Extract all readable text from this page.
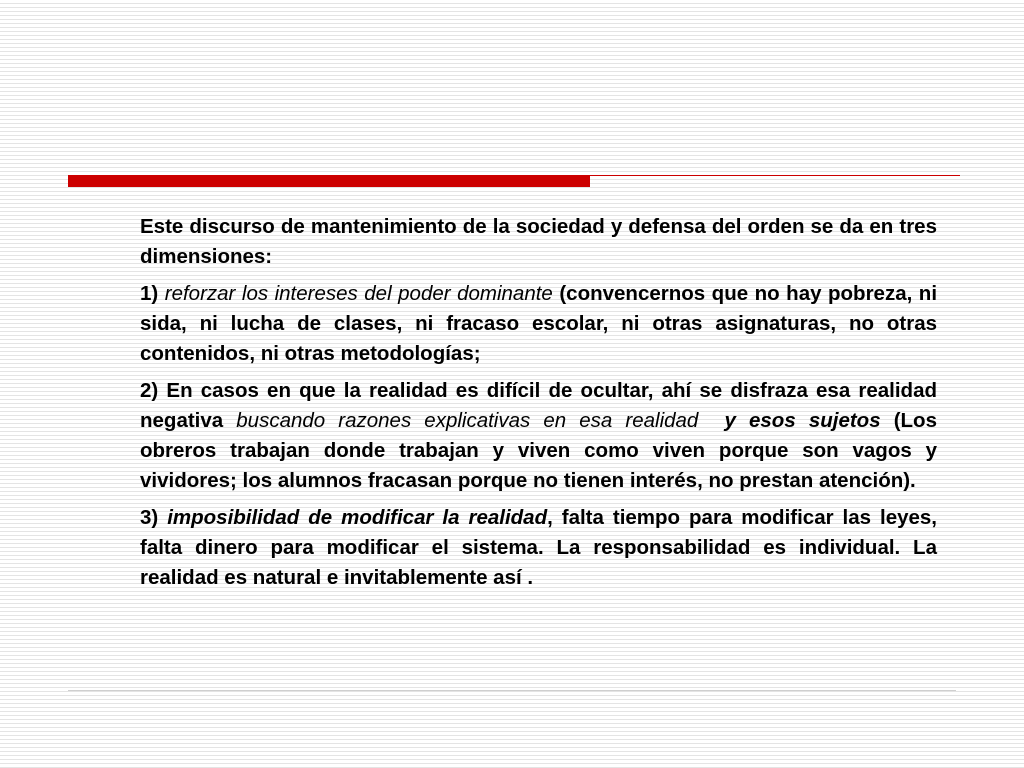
Este discurso de mantenimiento de la sociedad y defensa del orden se da en tres dimensiones:

1) reforzar los intereses del poder dominante (convencernos que no hay pobreza, ni sida, ni lucha de clases, ni fracaso escolar, ni otras asignaturas, no otras contenidos, ni otras metodologías;

2) En casos en que la realidad es difícil de ocultar, ahí se disfraza esa realidad negativa buscando razones explicativas en esa realidad y esos sujetos (Los obreros trabajan donde trabajan y viven como viven porque son vagos y vividores; los alumnos fracasan porque no tienen interés, no prestan atención).

3) imposibilidad de modificar la realidad, falta tiempo para modificar las leyes, falta dinero para modificar el sistema. La responsabilidad es individual. La realidad es natural e invitablemente así .
